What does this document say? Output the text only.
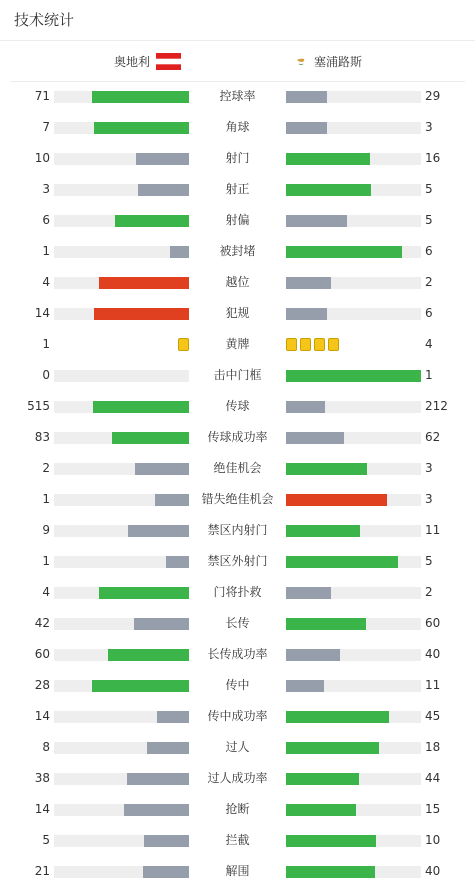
技术统计
奥地利	塞浦路斯
71	控球率	29
7	角球	3
10	射门	16
3	射正	5
6	射偏	5
1	被封堵	6
4	越位	2
14	犯规	6
1	黄牌	4
0	击中门框	1
515	传球	212
83	传球成功率	62
2	绝佳机会	3
1	错失绝佳机会	3
9	禁区内射门	11
1	禁区外射门	5
4	门将扑救	2
42	长传	60
60	长传成功率	40
28	传中	11
14	传中成功率	45
8	过人	18
38	过人成功率	44
14	抢断	15
5	拦截	10
21	解围	40
